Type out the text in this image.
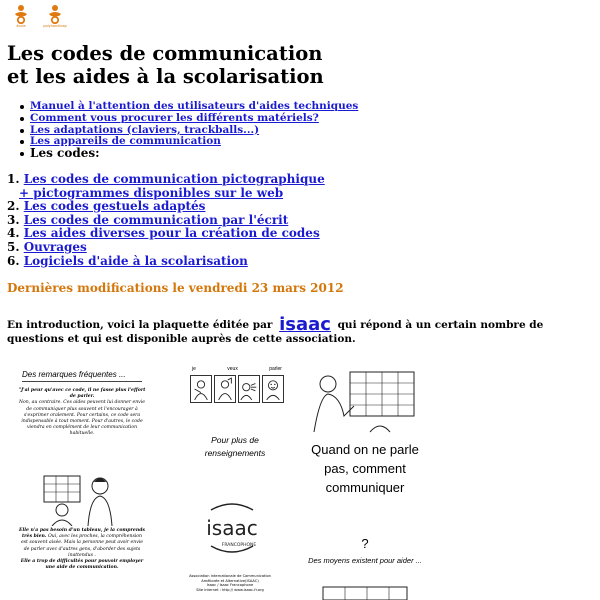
école	polyhandicap
Les codes de communication
et les aides à la scolarisation
Manuel à l'attention des utilisateurs d'aides techniques
Comment vous procurer les différents matériels?
Les adaptations (claviers, trackballs...)
Les appareils de communication
Les codes:
1. Les codes de communication pictographique
+ pictogrammes disponibles sur le web
2. Les codes gestuels adaptés
3. Les codes de communication par l'écrit
4. Les aides diverses pour la création de codes
5. Ouvrages
6. Logiciels d'aide à la scolarisation
Dernières modifications le vendredi 23 mars 2012

En introduction, voici la plaquette éditée par isaac qui répond à un certain nombre de questions et qui est disponible auprès de cette association.

Des remarques fréquentes ...
"J'ai peur qu'avec ce code, il ne fasse plus l'effort de parler.
Non, au contraire. Ces aides peuvent lui donner envie de communiquer plus souvent et l'encourager à s'exprimer oralement. Pour certains, ce code sera indispensable à tout moment. Pour d'autres, le code viendra en complément de leur communication habituelle.
Elle n'a pas besoin d'un tableau, je la comprends très bien. Oui, avec les proches, la compréhension est souvent aisée. Mais la personne peut avoir envie de parler avec d'autres gens, d'aborder des sujets inattendus .
Elle a trop de difficultés pour pouvoir employer une aide de communication.
je	veux	parler
Pour plus de renseignements
isaac
FRANCOPHONE
Association Internationale de Communication
Améliorée et Alternative(ISAAC)
Isaac / Isaac Francophone
Site internet : http:// www.isaac-fr.org
Quand on ne parle pas, comment communiquer
?
Des moyens existent pour aider ...
